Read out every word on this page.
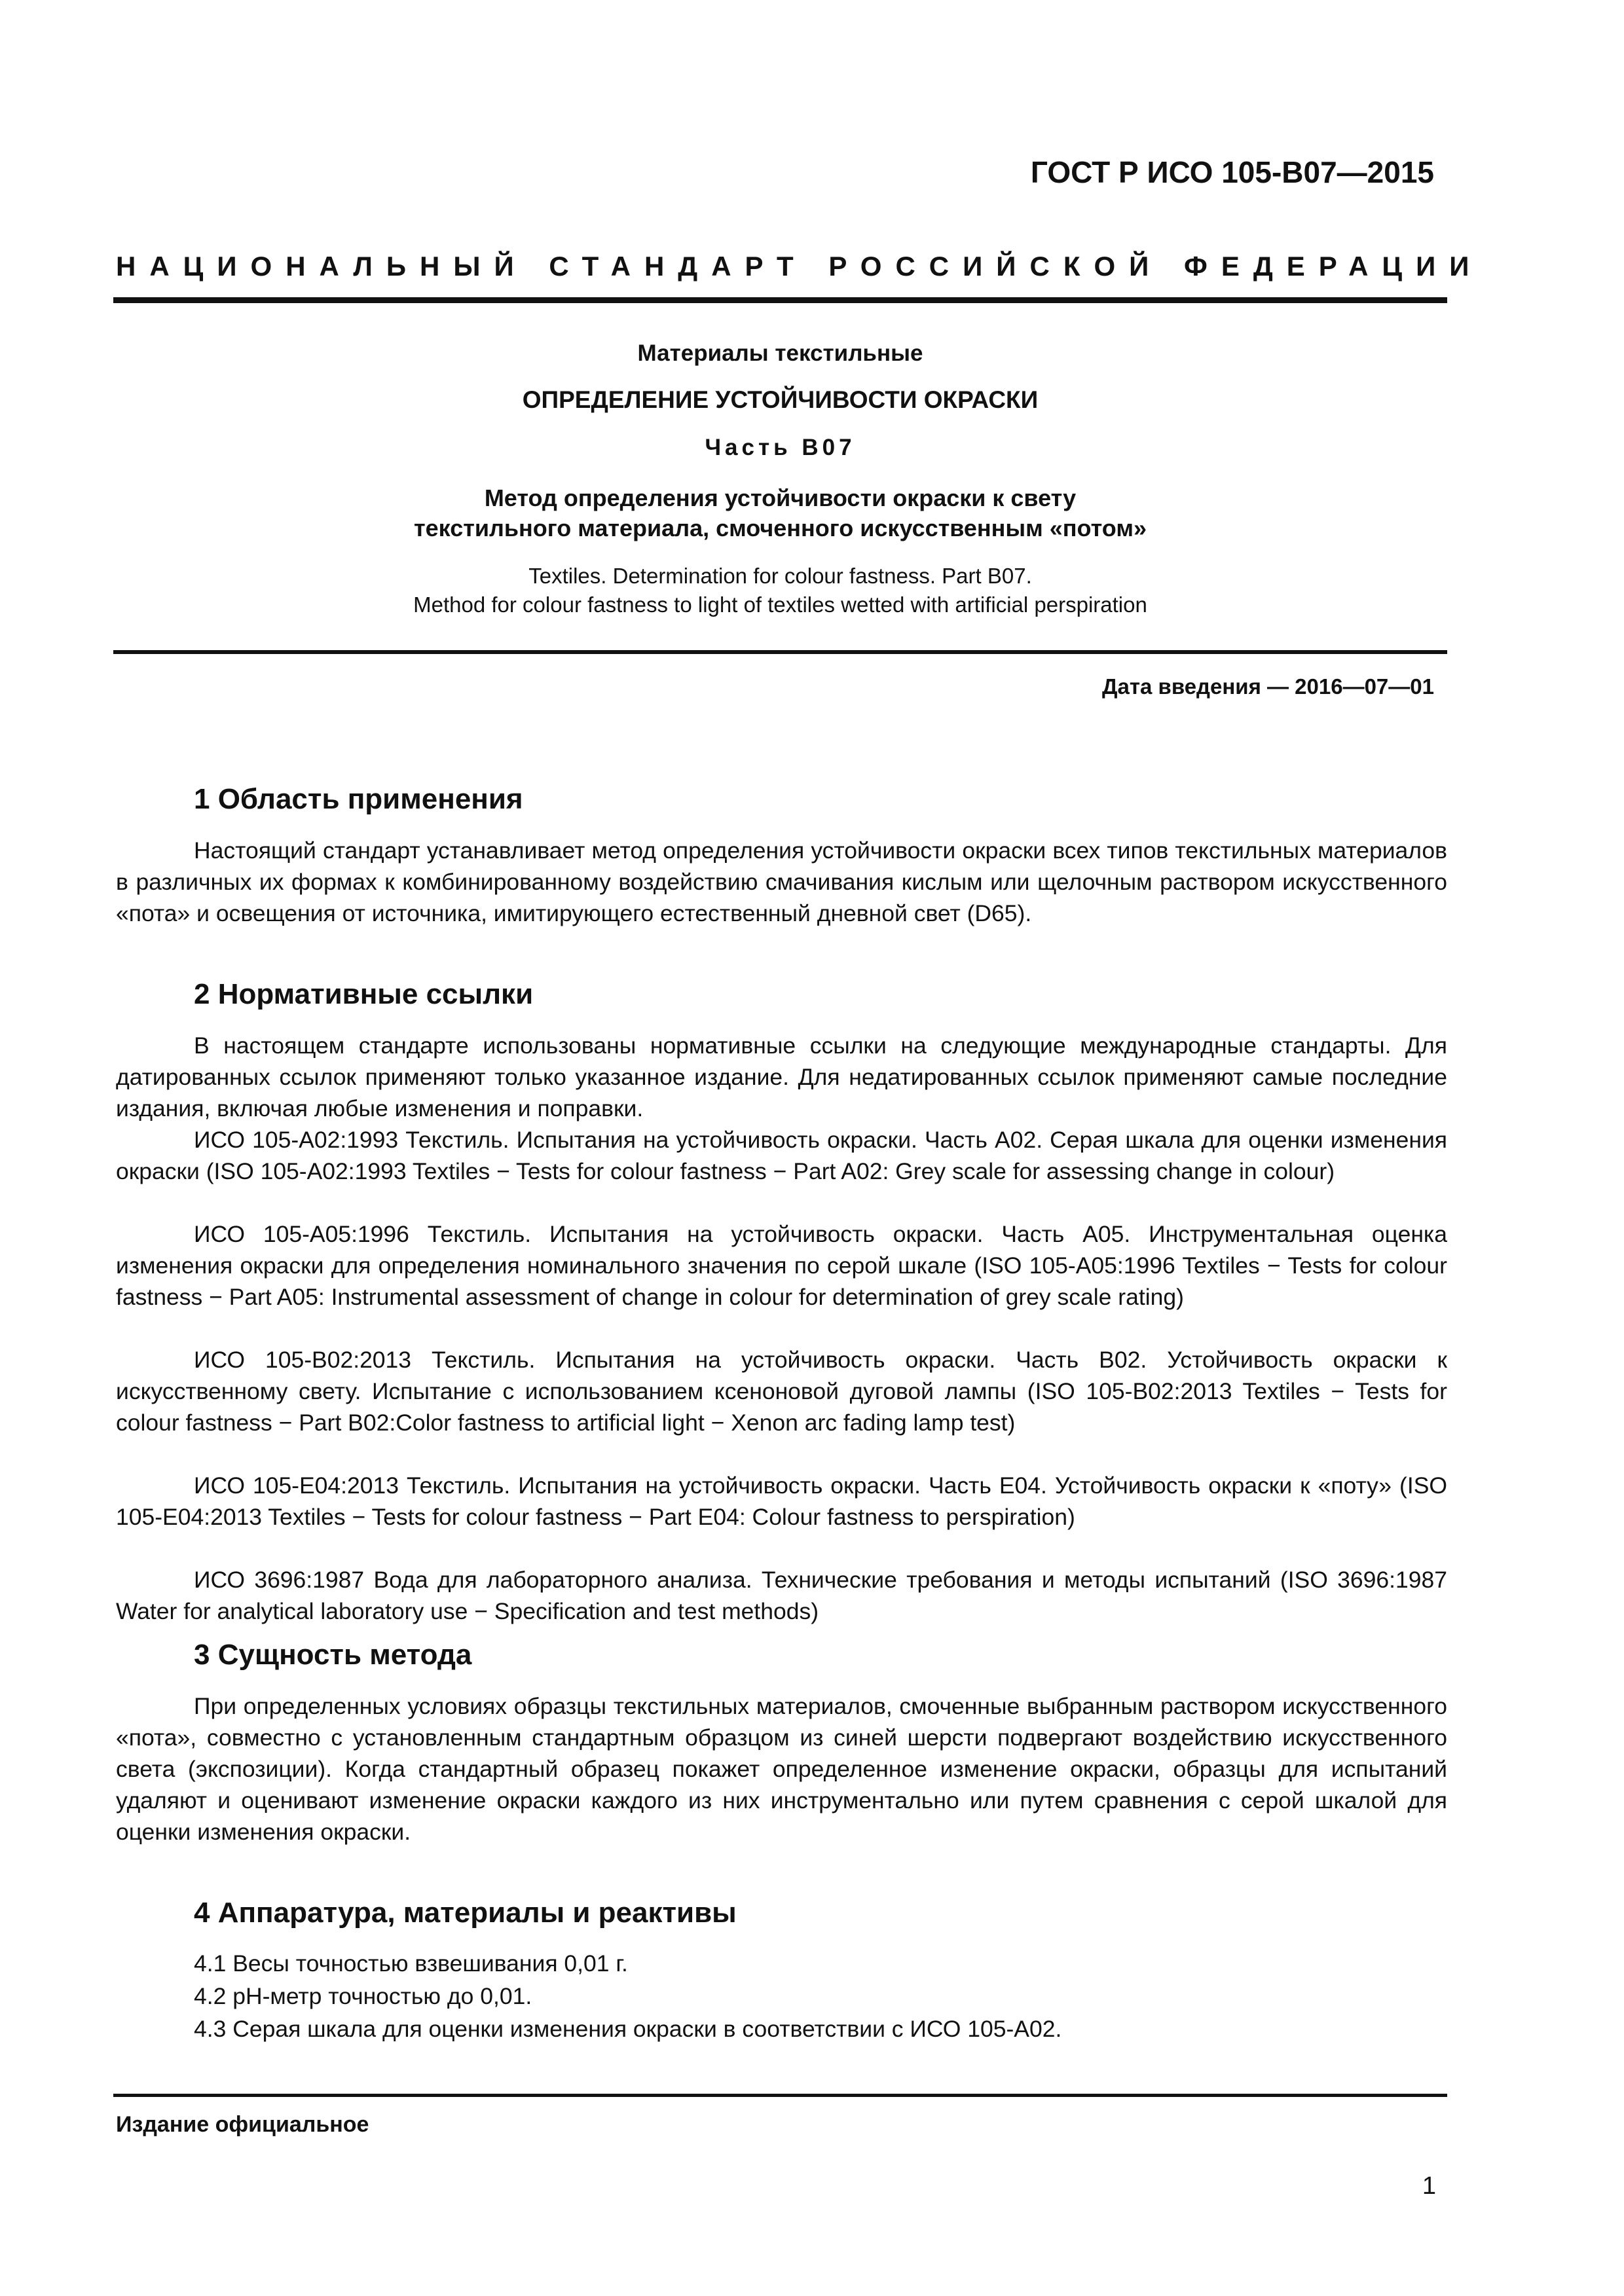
ГОСТ Р ИСО 105-B07—2015
НАЦИОНАЛЬНЫЙ СТАНДАРТ РОССИЙСКОЙ ФЕДЕРАЦИИ
Материалы текстильные
ОПРЕДЕЛЕНИЕ УСТОЙЧИВОСТИ ОКРАСКИ
Часть B07
Метод определения устойчивости окраски к свету
текстильного материала, смоченного искусственным «потом»
Textiles. Determination for colour fastness. Part B07.
Method for colour fastness to light of textiles wetted with artificial perspiration
Дата введения — 2016—07—01
1 Область применения

Настоящий стандарт устанавливает метод определения устойчивости окраски всех типов текстильных материалов в различных их формах к комбинированному воздействию смачивания кислым или щелочным раствором искусственного «пота» и освещения от источника, имитирующего естественный дневной свет (D65).

2 Нормативные ссылки

В настоящем стандарте использованы нормативные ссылки на следующие международные стандарты. Для датированных ссылок применяют только указанное издание. Для недатированных ссылок применяют самые последние издания, включая любые изменения и поправки.

ИСО 105-A02:1993 Текстиль. Испытания на устойчивость окраски. Часть A02. Серая шкала для оценки изменения окраски (ISO 105-A02:1993 Textiles − Tests for colour fastness − Part A02: Grey scale for assessing change in colour)

ИСО 105-A05:1996 Текстиль. Испытания на устойчивость окраски. Часть A05. Инструментальная оценка изменения окраски для определения номинального значения по серой шкале (ISO 105-A05:1996 Textiles − Tests for colour fastness − Part A05: Instrumental assessment of change in colour for determination of grey scale rating)

ИСО 105-B02:2013 Текстиль. Испытания на устойчивость окраски. Часть B02. Устойчивость окраски к искусственному свету. Испытание с использованием ксеноновой дуговой лампы (ISO 105-B02:2013 Textiles − Tests for colour fastness − Part B02:Color fastness to artificial light − Xenon arc fading lamp test)

ИСО 105-E04:2013 Текстиль. Испытания на устойчивость окраски. Часть E04. Устойчивость окраски к «поту» (ISO 105-E04:2013 Textiles − Tests for colour fastness − Part E04: Colour fastness to perspiration)

ИСО 3696:1987 Вода для лабораторного анализа. Технические требования и методы испытаний (ISO 3696:1987 Water for analytical laboratory use − Specification and test methods)

3 Сущность метода

При определенных условиях образцы текстильных материалов, смоченные выбранным раствором искусственного «пота», совместно с установленным стандартным образцом из синей шерсти подвергают воздействию искусственного света (экспозиции). Когда стандартный образец покажет определенное изменение окраски, образцы для испытаний удаляют и оценивают изменение окраски каждого из них инструментально или путем сравнения с серой шкалой для оценки изменения окраски.

4 Аппаратура, материалы и реактивы
4.1 Весы точностью взвешивания 0,01 г.
4.2 pH-метр точностью до 0,01.
4.3 Серая шкала для оценки изменения окраски в соответствии с ИСО 105-A02.
Издание официальное
1
